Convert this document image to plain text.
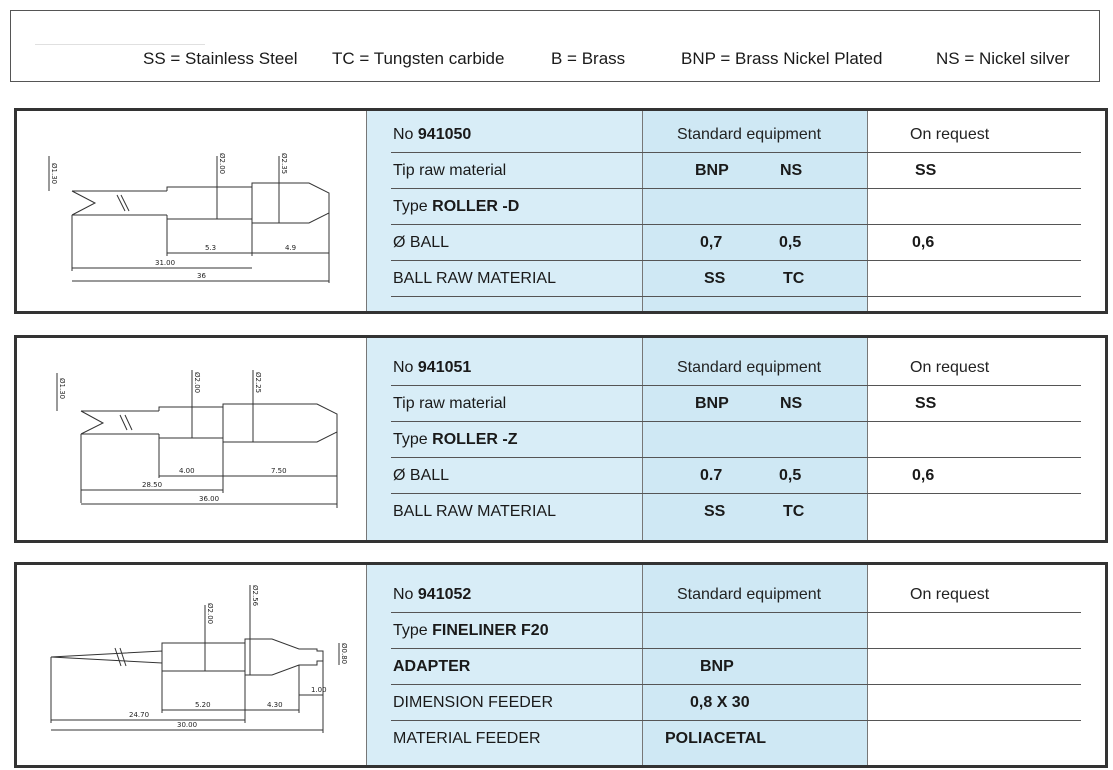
SS = Stainless Steel TC = Tungsten carbide	B = Brass	BNP = Brass Nickel Plated	NS = Nickel silver
Ø1.30	Ø2.00	Ø2.35
5.3	4.9
31.00
36
No 941050	Standard equipment	On request
Tip raw material	BNP	NS	SS
Type ROLLER -D
Ø BALL	0,7	0,5	0,6
BALL RAW MATERIAL	SS	TC
Ø1.30	Ø2.00	Ø2.25
4.00	7.50
28.50
36.00
No 941051	Standard equipment	On request
Tip raw material	BNP	NS	SS
Type ROLLER -Z
Ø BALL	0.7	0,5	0,6
BALL RAW MATERIAL	SS	TC
Ø2.00
Ø2.56
Ø0.80
5.20	4.30
1.00
24.70
30.00
No 941052	Standard equipment	On request
Type FINELINER F20
ADAPTER	BNP
DIMENSION FEEDER	0,8 X 30
MATERIAL FEEDER	POLIACETAL
